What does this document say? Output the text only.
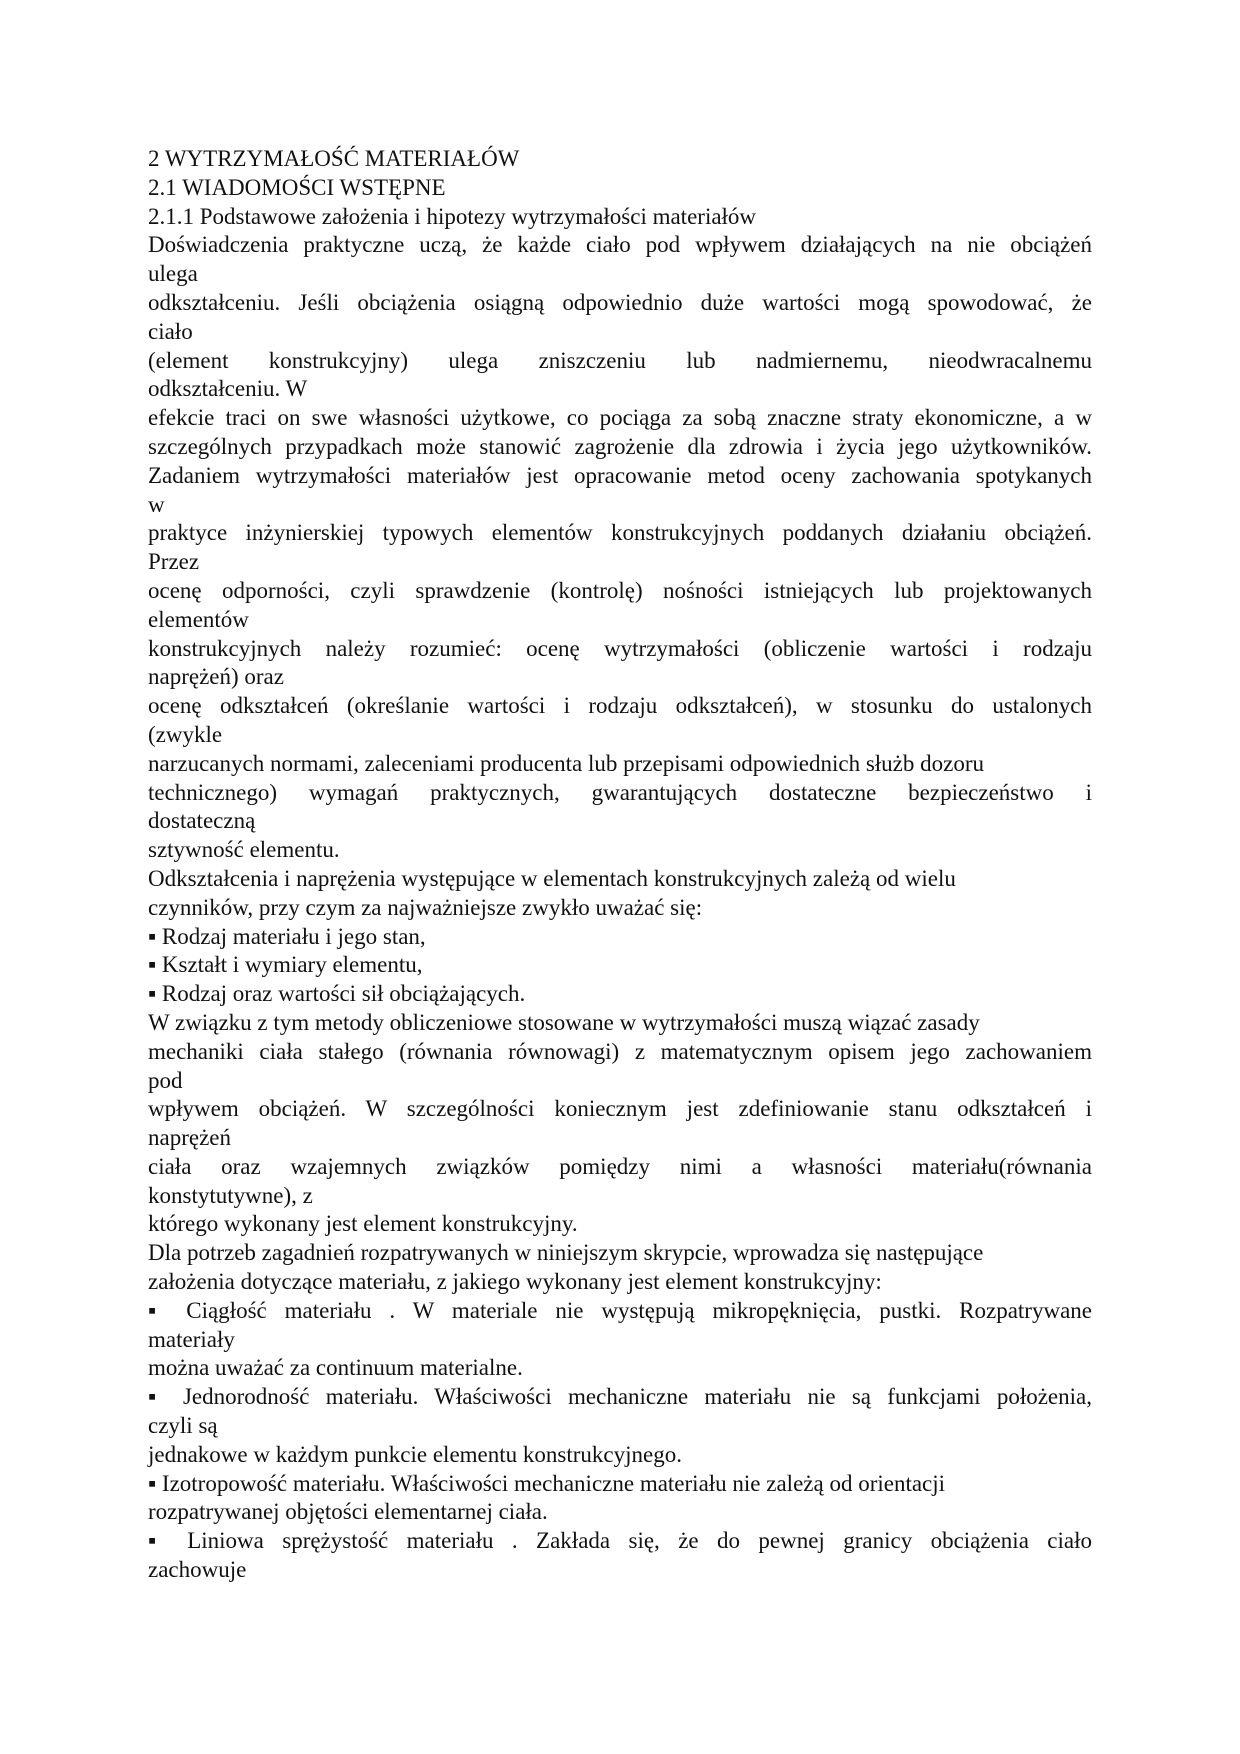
2 WYTRZYMAŁOŚĆ MATERIAŁÓW
2.1 WIADOMOŚCI WSTĘPNE
2.1.1 Podstawowe założenia i hipotezy wytrzymałości materiałów
Doświadczenia praktyczne uczą, że każde ciało pod wpływem działających na nie obciążeń
ulega
odkształceniu. Jeśli obciążenia osiągną odpowiednio duże wartości mogą spowodować, że
ciało
(element konstrukcyjny) ulega zniszczeniu lub nadmiernemu, nieodwracalnemu
odkształceniu. W
efekcie traci on swe własności użytkowe, co pociąga za sobą znaczne straty ekonomiczne, a w
szczególnych przypadkach może stanowić zagrożenie dla zdrowia i życia jego użytkowników.
Zadaniem wytrzymałości materiałów jest opracowanie metod oceny zachowania spotykanych
w
praktyce inżynierskiej typowych elementów konstrukcyjnych poddanych działaniu obciążeń.
Przez
ocenę odporności, czyli sprawdzenie (kontrolę) nośności istniejących lub projektowanych
elementów
konstrukcyjnych należy rozumieć: ocenę wytrzymałości (obliczenie wartości i rodzaju
naprężeń) oraz
ocenę odkształceń (określanie wartości i rodzaju odkształceń), w stosunku do ustalonych
(zwykle
narzucanych normami, zaleceniami producenta lub przepisami odpowiednich służb dozoru
technicznego) wymagań praktycznych, gwarantujących dostateczne bezpieczeństwo i
dostateczną
sztywność elementu.
Odkształcenia i naprężenia występujące w elementach konstrukcyjnych zależą od wielu
czynników, przy czym za najważniejsze zwykło uważać się:
▪ Rodzaj materiału i jego stan,
▪ Kształt i wymiary elementu,
▪ Rodzaj oraz wartości sił obciążających.
W związku z tym metody obliczeniowe stosowane w wytrzymałości muszą wiązać zasady
mechaniki ciała stałego (równania równowagi) z matematycznym opisem jego zachowaniem
pod
wpływem obciążeń. W szczególności koniecznym jest zdefiniowanie stanu odkształceń i
naprężeń
ciała oraz wzajemnych związków pomiędzy nimi a własności materiału(równania
konstytutywne), z
którego wykonany jest element konstrukcyjny.
Dla potrzeb zagadnień rozpatrywanych w niniejszym skrypcie, wprowadza się następujące
założenia dotyczące materiału, z jakiego wykonany jest element konstrukcyjny:
▪ Ciągłość materiału . W materiale nie występują mikropęknięcia, pustki. Rozpatrywane
materiały
można uważać za continuum materialne.
▪ Jednorodność materiału. Właściwości mechaniczne materiału nie są funkcjami położenia,
czyli są
jednakowe w każdym punkcie elementu konstrukcyjnego.
▪ Izotropowość materiału. Właściwości mechaniczne materiału nie zależą od orientacji
rozpatrywanej objętości elementarnej ciała.
▪ Liniowa sprężystość materiału . Zakłada się, że do pewnej granicy obciążenia ciało
zachowuje
